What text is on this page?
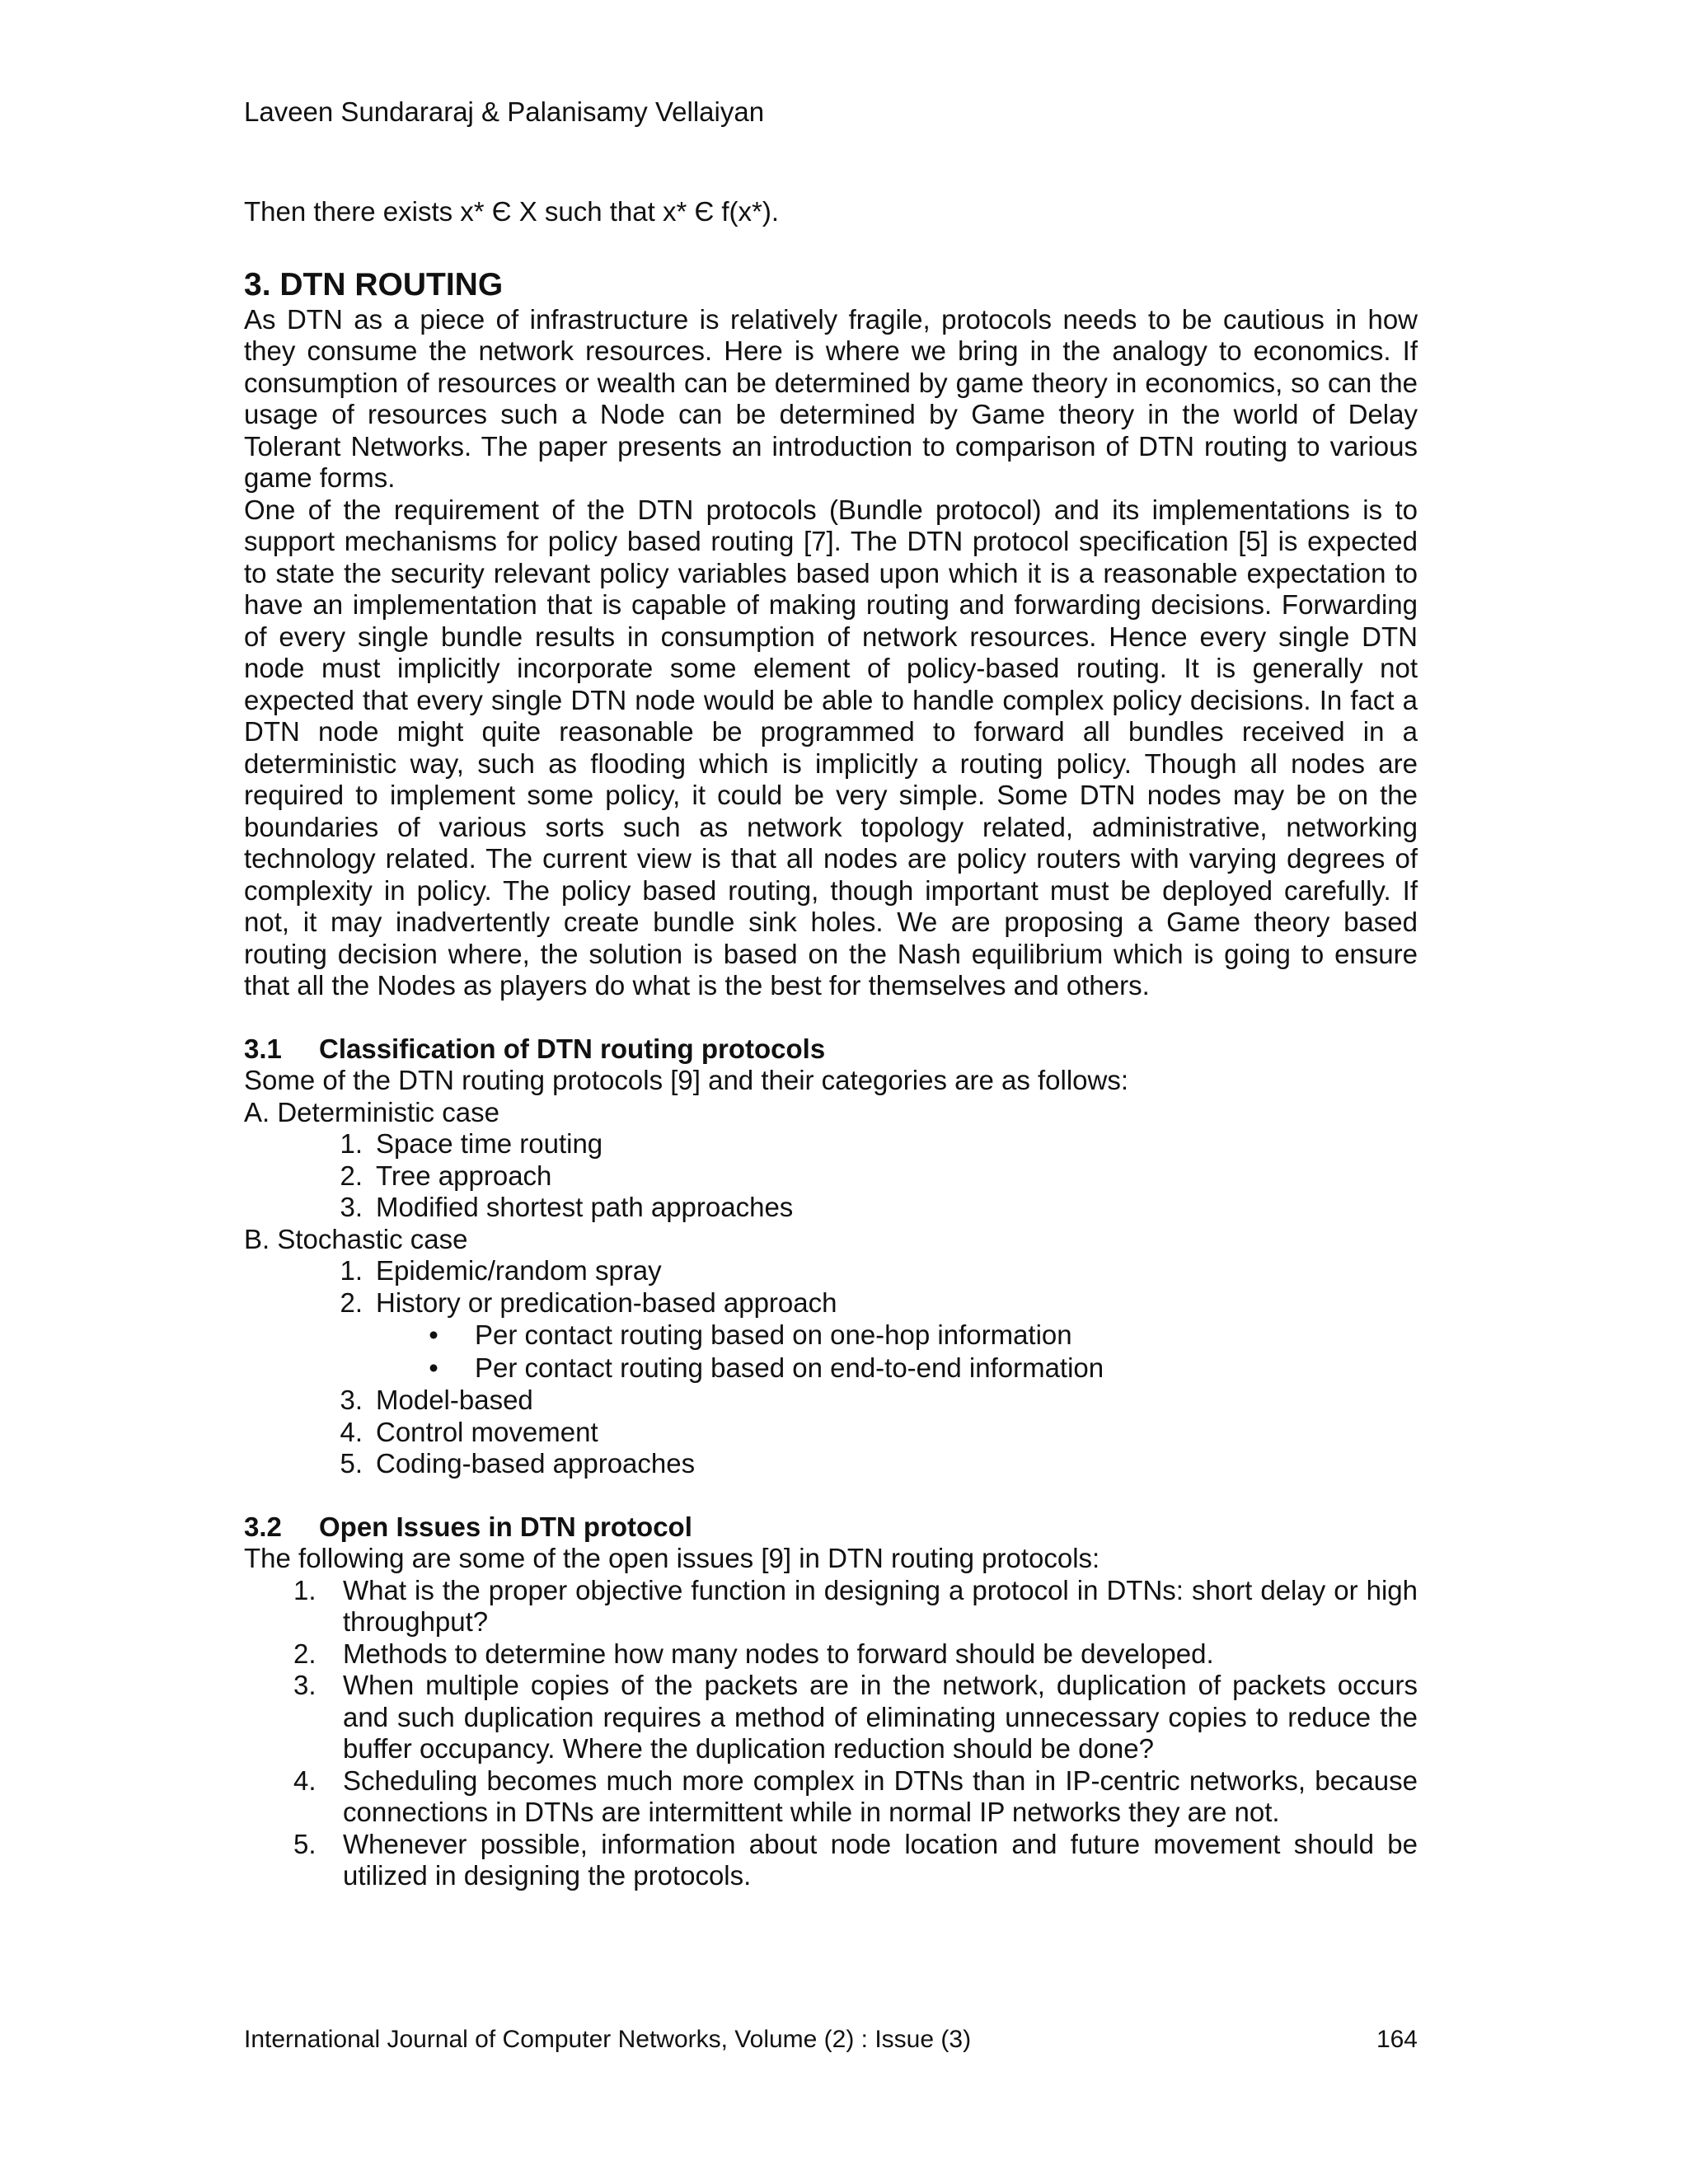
Laveen Sundararaj & Palanisamy Vellaiyan

Then there exists x* Є X such that x* Є f(x*).

3. DTN ROUTING

As DTN as a piece of infrastructure is relatively fragile, protocols needs to be cautious in how they consume the network resources. Here is where we bring in the analogy to economics. If consumption of resources or wealth can be determined by game theory in economics, so can the usage of resources such a Node can be determined by Game theory in the world of Delay Tolerant Networks. The paper presents an introduction to comparison of DTN routing to various game forms.

One of the requirement of the DTN protocols (Bundle protocol) and its implementations is to support mechanisms for policy based routing [7]. The DTN protocol specification [5] is expected to state the security relevant policy variables based upon which it is a reasonable expectation to have an implementation that is capable of making routing and forwarding decisions. Forwarding of every single bundle results in consumption of network resources. Hence every single DTN node must implicitly incorporate some element of policy-based routing. It is generally not expected that every single DTN node would be able to handle complex policy decisions. In fact a DTN node might quite reasonable be programmed to forward all bundles received in a deterministic way, such as flooding which is implicitly a routing policy. Though all nodes are required to implement some policy, it could be very simple. Some DTN nodes may be on the boundaries of various sorts such as network topology related, administrative, networking technology related. The current view is that all nodes are policy routers with varying degrees of complexity in policy. The policy based routing, though important must be deployed carefully. If not, it may inadvertently create bundle sink holes. We are proposing a Game theory based routing decision where, the solution is based on the Nash equilibrium which is going to ensure that all the Nodes as players do what is the best for themselves and others.

3.1 Classification of DTN routing protocols

Some of the DTN routing protocols [9] and their categories are as follows:

A. Deterministic case

1. Space time routing
2. Tree approach
3. Modified shortest path approaches

B. Stochastic case

1. Epidemic/random spray
2. History or predication-based approach
• Per contact routing based on one-hop information
• Per contact routing based on end-to-end information
3. Model-based
4. Control movement
5. Coding-based approaches
3.2 Open Issues in DTN protocol

The following are some of the open issues [9] in DTN routing protocols:

1. What is the proper objective function in designing a protocol in DTNs: short delay or high throughput?
2. Methods to determine how many nodes to forward should be developed.
3. When multiple copies of the packets are in the network, duplication of packets occurs and such duplication requires a method of eliminating unnecessary copies to reduce the buffer occupancy. Where the duplication reduction should be done?
4. Scheduling becomes much more complex in DTNs than in IP-centric networks, because connections in DTNs are intermittent while in normal IP networks they are not.
5. Whenever possible, information about node location and future movement should be utilized in designing the protocols.
International Journal of Computer Networks, Volume (2) : Issue (3)	164
